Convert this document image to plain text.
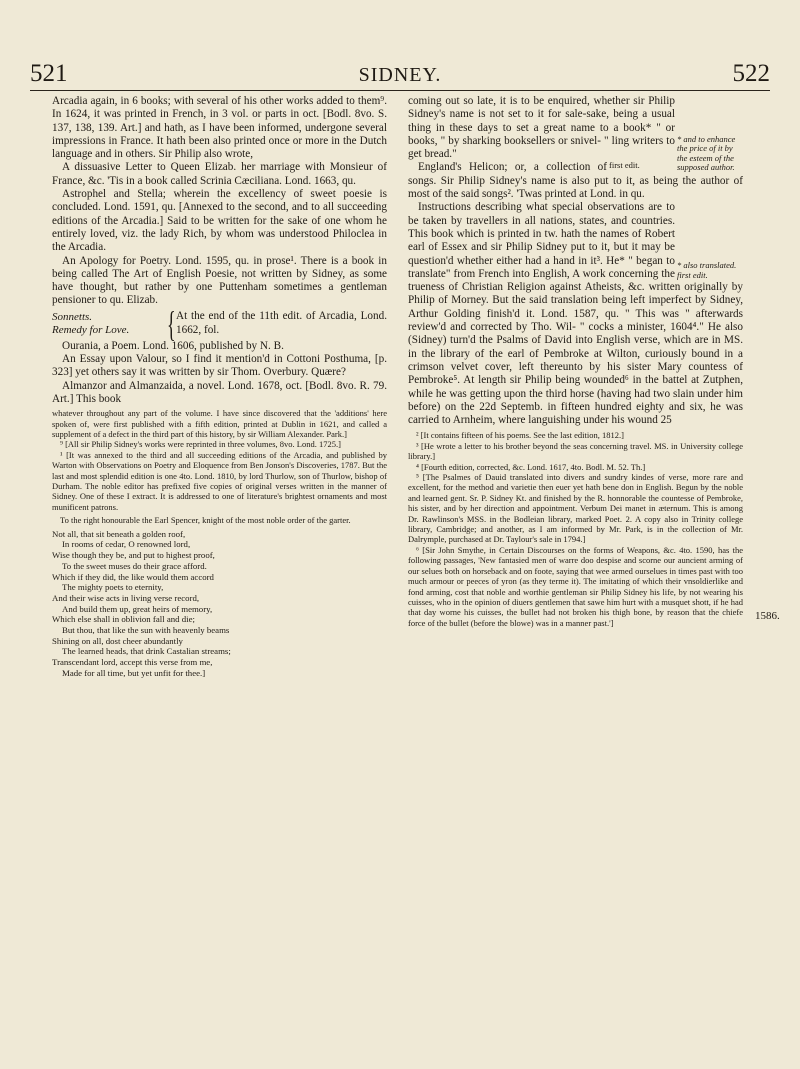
521	SIDNEY.	522

Arcadia again, in 6 books; with several of his other works added to them⁹. In 1624, it was printed in French, in 3 vol. or parts in oct. [Bodl. 8vo. S. 137, 138, 139. Art.] and hath, as I have been informed, undergone several impressions in France. It hath been also printed once or more in the Dutch language and in others. Sir Philip also wrote,

A dissuasive Letter to Queen Elizab. her marriage with Monsieur of France, &c. 'Tis in a book called Scrinia Cæciliana. Lond. 1663, qu.

Astrophel and Stella; wherein the excellency of sweet poesie is concluded. Lond. 1591, qu. [Annexed to the second, and to all succeeding editions of the Arcadia.] Said to be written for the sake of one whom he entirely loved, viz. the lady Rich, by whom was understood Philoclea in the Arcadia.

An Apology for Poetry. Lond. 1595, qu. in prose¹. There is a book in being called The Art of English Poesie, not written by Sidney, as some have thought, but rather by one Puttenham sometimes a gentleman pensioner to qu. Elizab.

Sonnetts.
Remedy for Love.	{ At the end of the 11th edit. of Arcadia, Lond. 1662, fol.

Ourania, a Poem. Lond. 1606, published by N. B.

An Essay upon Valour, so I find it mention'd in Cottoni Posthuma, [p. 323] yet others say it was written by sir Thom. Overbury. Quære?

Almanzor and Almanzaida, a novel. Lond. 1678, oct. [Bodl. 8vo. R. 79. Art.] This book

whatever throughout any part of the volume. I have since discovered that the 'additions' here spoken of, were first published with a fifth edition, printed at Dublin in 1621, and called a supplement of a defect in the third part of this history, by sir William Alexander. Park.]

⁹ [All sir Philip Sidney's works were reprinted in three volumes, 8vo. Lond. 1725.]

¹ [It was annexed to the third and all succeeding editions of the Arcadia, and published by Warton with Observations on Poetry and Eloquence from Ben Jonson's Discoveries, 1787. But the last and most splendid edition is one 4to. Lond. 1810, by lord Thurlow, son of Thurlow, bishop of Durham. The noble editor has prefixed five copies of original verses written in the manner of Sidney. One of these I extract. It is addressed to one of literature's brightest ornaments and most munificent patrons.

To the right honourable the Earl Spencer, knight of the most noble order of the garter.

Not all, that sit beneath a golden roof,
In rooms of cedar, O renowned lord,
Wise though they be, and put to highest proof,
To the sweet muses do their grace afford.
Which if they did, the like would them accord
The mighty poets to eternity,
And their wise acts in living verse record,
And build them up, great heirs of memory,
Which else shall in oblivion fall and die;
But thou, that like the sun with heavenly beams
Shining on all, dost cheer abundantly
The learned heads, that drink Castalian streams;
Transcendant lord, accept this verse from me,
Made for all time, but yet unfit for thee.]
* and to enhance the price of it by the esteem of the supposed author.

coming out so late, it is to be enquired, whether sir Philip Sidney's name is not set to it for sale-sake, being a usual thing in these days to set a great name to a book* " or books, " by sharking booksellers or snivel- " ling writers to get bread."

first edit.

England's Helicon; or, a collection of songs. Sir Philip Sidney's name is also put to it, as being the author of most of the said songs². 'Twas printed at Lond. in qu.

* also translated. first edit.

Instructions describing what special observations are to be taken by travellers in all nations, states, and countries. This book which is printed in tw. hath the names of Robert earl of Essex and sir Philip Sidney put to it, but it may be question'd whether either had a hand in it³. He* " began to translate" from French into English, A work concerning the trueness of Christian Religion against Atheists, &c. written originally by Philip of Morney. But the said translation being left imperfect by Sidney, Arthur Golding finish'd it. Lond. 1587, qu. " This was " afterwards review'd and corrected by Tho. Wil- " cocks a minister, 1604⁴." He also (Sidney) turn'd the Psalms of David into English verse, which are in MS. in the library of the earl of Pembroke at Wilton, curiously bound in a crimson velvet cover, left thereunto by his sister Mary countess of Pembroke⁵. At length sir Philip being wounded⁶ in the battel at Zutphen, while he was getting upon the third horse (having had two slain under him before) on the 22d Septemb. in fifteen hundred eighty and six, he was carried to Arnheim, where languishing under his wound 25

² [It contains fifteen of his poems. See the last edition, 1812.]

³ [He wrote a letter to his brother beyond the seas concerning travel. MS. in University college library.]

⁴ [Fourth edition, corrected, &c. Lond. 1617, 4to. Bodl. M. 52. Th.]

⁵ [The Psalmes of Dauid translated into divers and sundry kindes of verse, more rare and excellent, for the method and varietie then euer yet hath bene don in English. Begun by the noble and learned gent. Sr. P. Sidney Kt. and finished by the R. honnorable the countesse of Pembroke, his sister, and by her direction and appointment. Verbum Dei manet in æternum. This is among Dr. Rawlinson's MSS. in the Bodleian library, marked Poet. 2. A copy also in Trinity college library, Cambridge; and another, as I am informed by Mr. Park, is in the collection of Mr. Dalrymple, purchased at Dr. Taylour's sale in 1794.]

⁶ [Sir John Smythe, in Certain Discourses on the forms of Weapons, &c. 4to. 1590, has the following passages, 'New fantasied men of warre doo despise and scorne our auncient arming of our selues both on horseback and on foote, saying that wee armed ourselues in times past with too much armour or peeces of yron (as they terme it). The imitating of which their vnsoldierlike and fond arming, cost that noble and worthie gentleman sir Philip Sidney his life, by not wearing his cuisses, who in the opinion of diuers gentlemen that sawe him hurt with a musquet shott, if he had that day worne his cuisses, the bullet had not broken his thigh bone, by reason that the chiefe force of the bullet (before the blowe) was in a manner past.']

1586.
